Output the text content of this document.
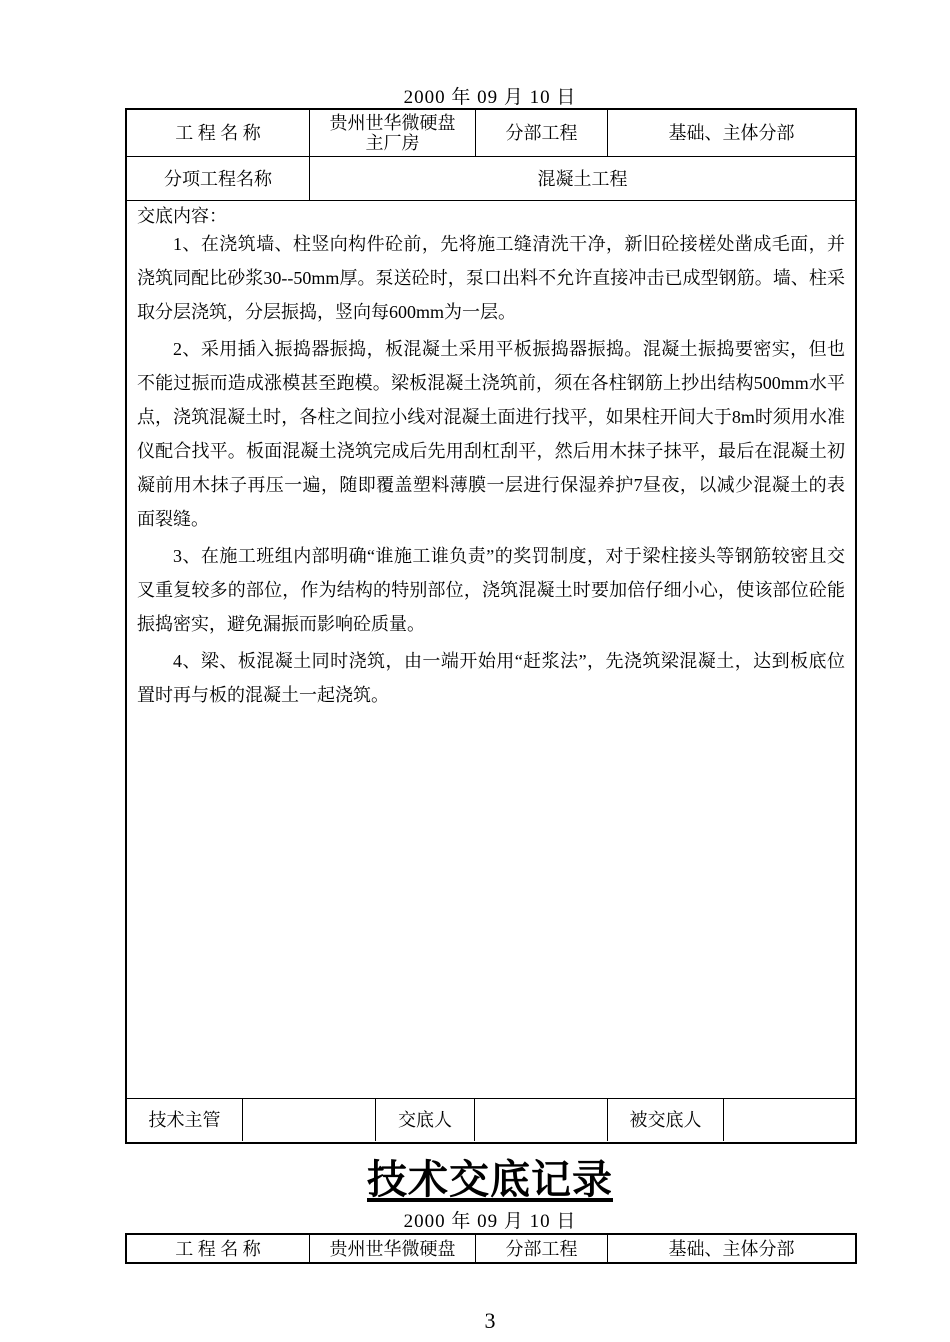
2000 年 09 月 10 日
工 程 名 称	贵州世华微硬盘主厂房	分部工程	基础、主体分部
分项工程名称	混凝土工程
交底内容：

1、在浇筑墙、柱竖向构件砼前，先将施工缝清洗干净，新旧砼接槎处凿成毛面，并浇筑同配比砂浆30--50mm厚。泵送砼时，泵口出料不允许直接冲击已成型钢筋。墙、柱采取分层浇筑，分层振捣，竖向每600mm为一层。

2、采用插入振捣器振捣，板混凝土采用平板振捣器振捣。混凝土振捣要密实，但也不能过振而造成涨模甚至跑模。梁板混凝土浇筑前，须在各柱钢筋上抄出结构500mm水平点，浇筑混凝土时，各柱之间拉小线对混凝土面进行找平，如果柱开间大于8m时须用水准仪配合找平。板面混凝土浇筑完成后先用刮杠刮平，然后用木抹子抹平，最后在混凝土初凝前用木抹子再压一遍，随即覆盖塑料薄膜一层进行保湿养护7昼夜，以减少混凝土的表面裂缝。

3、在施工班组内部明确“谁施工谁负责”的奖罚制度，对于梁柱接头等钢筋较密且交叉重复较多的部位，作为结构的特别部位，浇筑混凝土时要加倍仔细小心，使该部位砼能振捣密实，避免漏振而影响砼质量。

4、梁、板混凝土同时浇筑，由一端开始用“赶浆法”，先浇筑梁混凝土，达到板底位置时再与板的混凝土一起浇筑。

技术主管	交底人	被交底人
技术交底记录
2000 年 09 月 10 日
工 程 名 称	贵州世华微硬盘	分部工程	基础、主体分部
3
